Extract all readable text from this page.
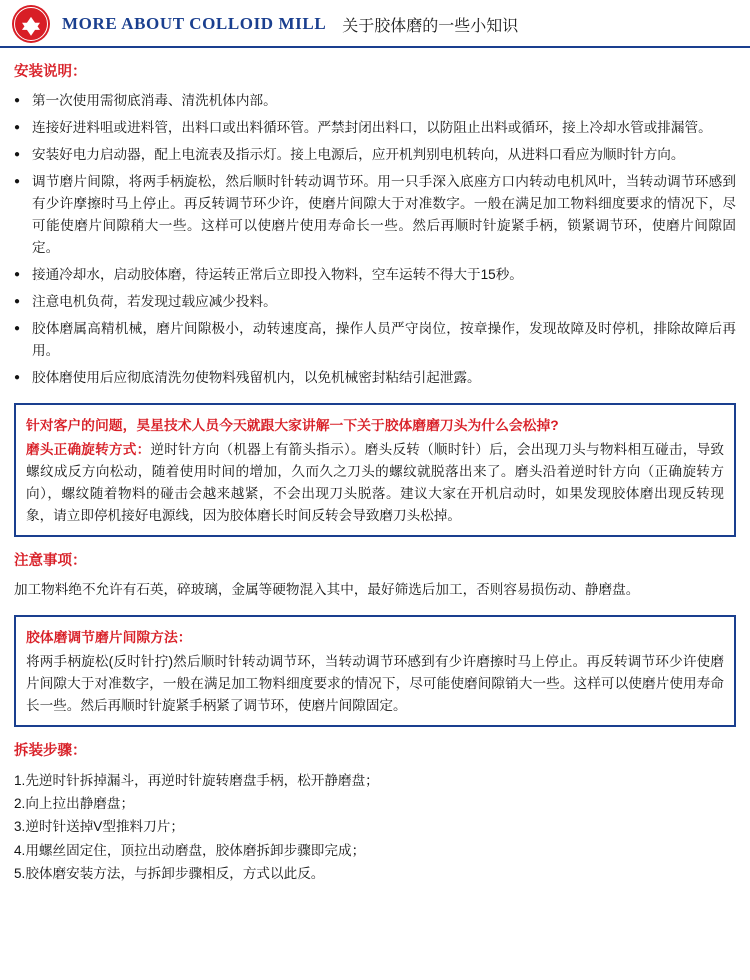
MORE ABOUT COLLOID MILL 关于胶体磨的一些小知识
安装说明：
● 第一次使用需彻底消毒、清洗机体内部。
● 连接好进料咀或进料管，出料口或出料循环管。严禁封闭出料口，以防阻止出料或循环，接上冷却水管或排漏管。
● 安装好电力启动器，配上电流表及指示灯。接上电源后，应开机判别电机转向，从进料口看应为顺时针方向。
● 调节磨片间隙，将两手柄旋松，然后顺时针转动调节环。用一只手深入底座方口内转动电机风叶，当转动调节环感到有少许摩擦时马上停止。再反转调节环少许，使磨片间隙大于对准数字。一般在满足加工物料细度要求的情况下，尽可能使磨片间隙稍大一些。这样可以使磨片使用寿命长一些。然后再顺时针旋紧手柄，锁紧调节环，使磨片间隙固定。
● 接通冷却水，启动胶体磨，待运转正常后立即投入物料，空车运转不得大于15秒。
● 注意电机负荷，若发现过载应减少投料。
● 胶体磨属高精机械，磨片间隙极小，动转速度高，操作人员严守岗位，按章操作，发现故障及时停机，排除故障后再用。
● 胶体磨使用后应彻底清洗勿使物料残留机内，以免机械密封粘结引起泄露。
针对客户的问题，昊星技术人员今天就跟大家讲解一下关于胶体磨磨刀头为什么会松掉?

磨头正确旋转方式：逆时针方向（机器上有箭头指示）。磨头反转（顺时针）后，会出现刀头与物料相互碰击，导致螺纹成反方向松动，随着使用时间的增加，久而久之刀头的螺纹就脱落出来了。磨头沿着逆时针方向（正确旋转方向），螺纹随着物料的碰击会越来越紧，不会出现刀头脱落。建议大家在开机启动时，如果发现胶体磨出现反转现象，请立即停机接好电源线，因为胶体磨长时间反转会导致磨刀头松掉。

注意事项：

加工物料绝不允许有石英，碎玻璃，金属等硬物混入其中，最好筛选后加工，否则容易损伤动、静磨盘。

胶体磨调节磨片间隙方法：

将两手柄旋松(反时针拧)然后顺时针转动调节环，当转动调节环感到有少许磨擦时马上停止。再反转调节环少许使磨片间隙大于对准数字，一般在满足加工物料细度要求的情况下，尽可能使磨间隙销大一些。这样可以使磨片使用寿命长一些。然后再顺时针旋紧手柄紧了调节环，使磨片间隙固定。

拆装步骤：
1.先逆时针拆掉漏斗，再逆时针旋转磨盘手柄，松开静磨盘；
2.向上拉出静磨盘；
3.逆时针送掉V型推料刀片；
4.用螺丝固定住，顶拉出动磨盘，胶体磨拆卸步骤即完成；
5.胶体磨安装方法，与拆卸步骤相反，方式以此反。
